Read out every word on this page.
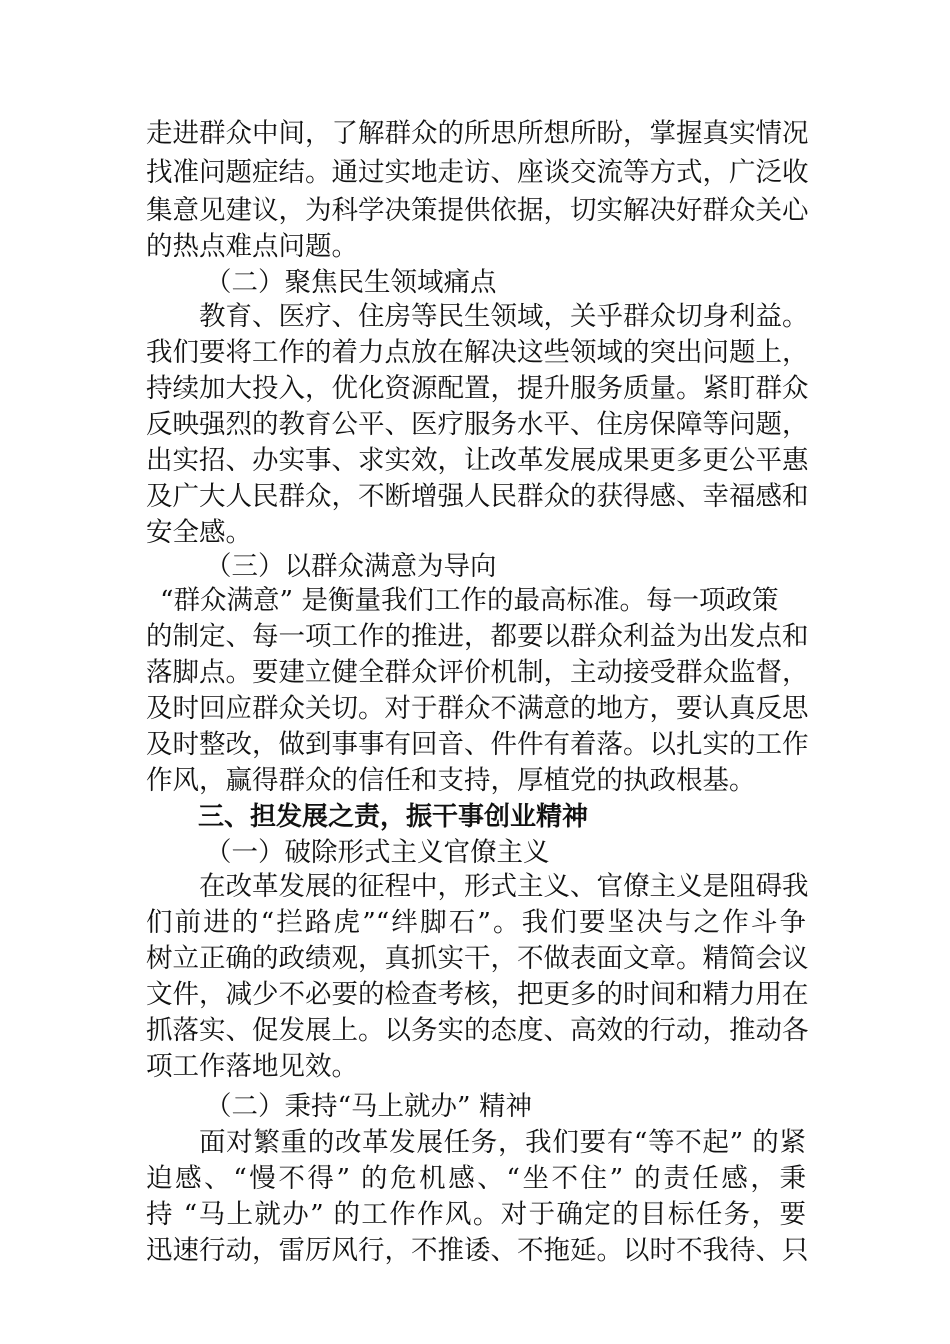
走进群众中间，了解群众的所思所想所盼，掌握真实情况
找准问题症结。通过实地走访、座谈交流等方式，广泛收
集意见建议，为科学决策提供依据，切实解决好群众关心
的热点难点问题。
（二）聚焦民生领域痛点
教育、医疗、住房等民生领域，关乎群众切身利益。
我们要将工作的着力点放在解决这些领域的突出问题上，
持续加大投入，优化资源配置，提升服务质量。紧盯群众
反映强烈的教育公平、医疗服务水平、住房保障等问题，
出实招、办实事、求实效，让改革发展成果更多更公平惠
及广大人民群众，不断增强人民群众的获得感、幸福感和
安全感。
（三）以群众满意为导向
“群众满意” 是衡量我们工作的最高标准。每一项政策
的制定、每一项工作的推进，都要以群众利益为出发点和
落脚点。要建立健全群众评价机制，主动接受群众监督，
及时回应群众关切。对于群众不满意的地方，要认真反思
及时整改，做到事事有回音、件件有着落。以扎实的工作
作风，赢得群众的信任和支持，厚植党的执政根基。
三、担发展之责，振干事创业精神
（一）破除形式主义官僚主义
在改革发展的征程中，形式主义、官僚主义是阻碍我
们前进的“拦路虎”“绊脚石”。我们要坚决与之作斗争
树立正确的政绩观，真抓实干，不做表面文章。精简会议
文件，减少不必要的检查考核，把更多的时间和精力用在
抓落实、促发展上。以务实的态度、高效的行动，推动各
项工作落地见效。
（二）秉持“马上就办” 精神
面对繁重的改革发展任务，我们要有“等不起” 的紧
迫感、“慢不得” 的危机感、“坐不住” 的责任感，秉
持 “马上就办” 的工作作风。对于确定的目标任务，要
迅速行动，雷厉风行，不推诿、不拖延。以时不我待、只
